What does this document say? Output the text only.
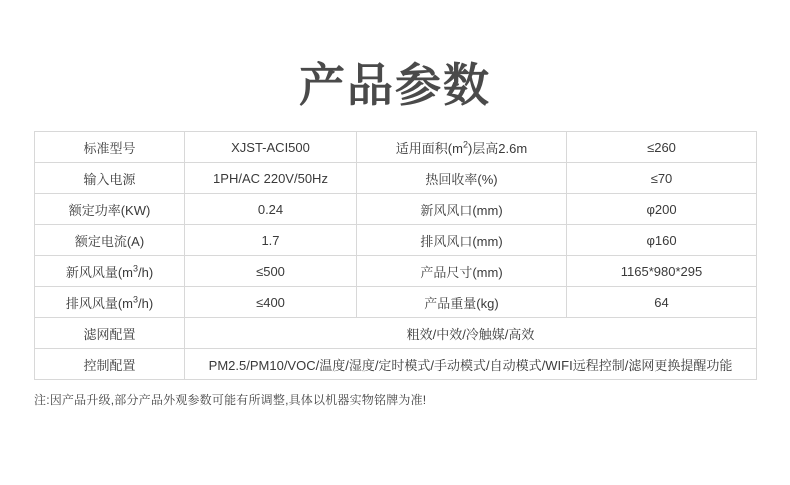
产品参数
标准型号	XJST-ACI500	适用面积$(m^2)$层高2.6m	≤260
输入电源	1PH/AC 220V/50Hz	热回收率(%)	≤70
额定功率(KW)	0.24	新风风口(mm)	φ200
额定电流(A)	1.7	排风风口(mm)	φ160
新风风量$(m^3/h)$	≤500	产品尺寸(mm)	1165*980*295
排风风量$(m^3/h)$	≤400	产品重量(kg)	64
滤网配置	粗效/中效/冷触媒/高效		
控制配置	PM2.5/PM10/VOC/温度/湿度/定时模式/手动模式/自动模式/WIFI远程控制/滤网更换提醒功能		
注:因产品升级,部分产品外观参数可能有所调整,具体以机器实物铭牌为准!
